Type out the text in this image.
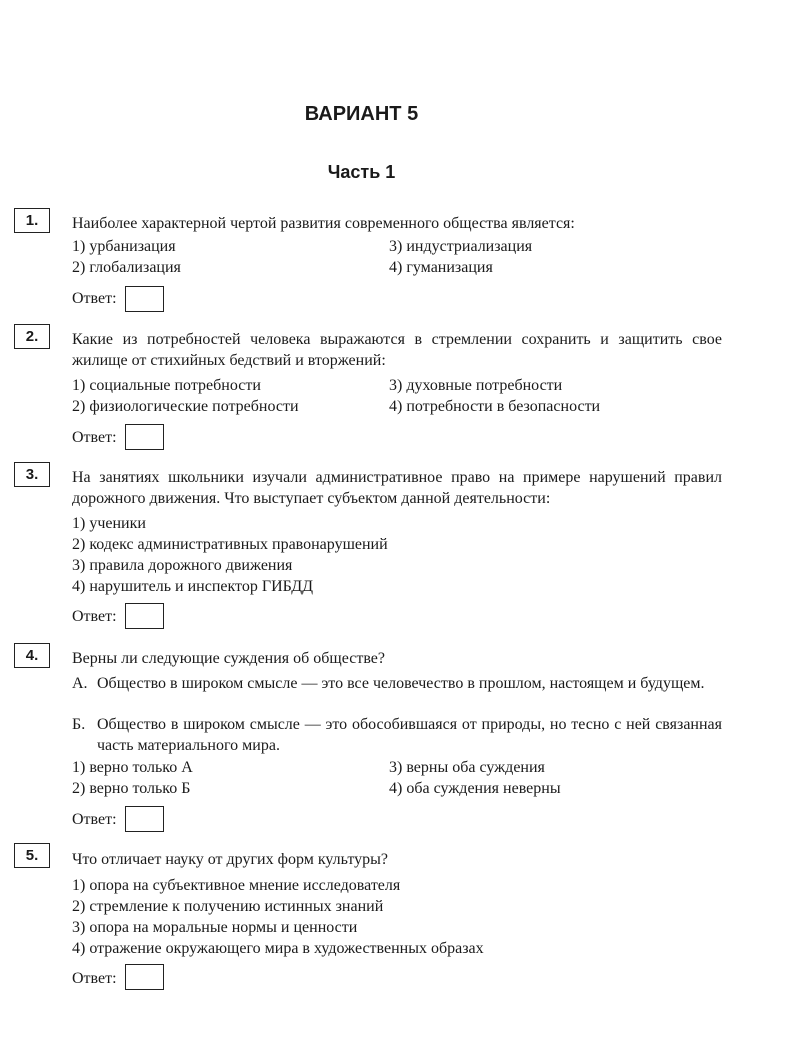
ВАРИАНТ 5
Часть 1
1.	Наиболее характерной чертой развития современного общества является:
1) урбанизация
2) глобализация
3) индустриализация
4) гуманизация
Ответ:
2.	Какие из потребностей человека выражаются в стремлении сохранить и защитить свое жилище от стихийных бедствий и вторжений:
1) социальные потребности
2) физиологические потребности
3) духовные потребности
4) потребности в безопасности
Ответ:
3.	На занятиях школьники изучали административное право на примере нарушений правил дорожного движения. Что выступает субъектом данной деятельности:
1) ученики
2) кодекс административных правонарушений
3) правила дорожного движения
4) нарушитель и инспектор ГИБДД
Ответ:
4.	Верны ли следующие суждения об обществе?
А. Общество в широком смысле — это все человечество в прошлом, настоящем и будущем.
Б. Общество в широком смысле — это обособившаяся от природы, но тесно с ней связанная часть материального мира.
1) верно только А
2) верно только Б
3) верны оба суждения
4) оба суждения неверны
Ответ:
5.	Что отличает науку от других форм культуры?
1) опора на субъективное мнение исследователя
2) стремление к получению истинных знаний
3) опора на моральные нормы и ценности
4) отражение окружающего мира в художественных образах
Ответ:
